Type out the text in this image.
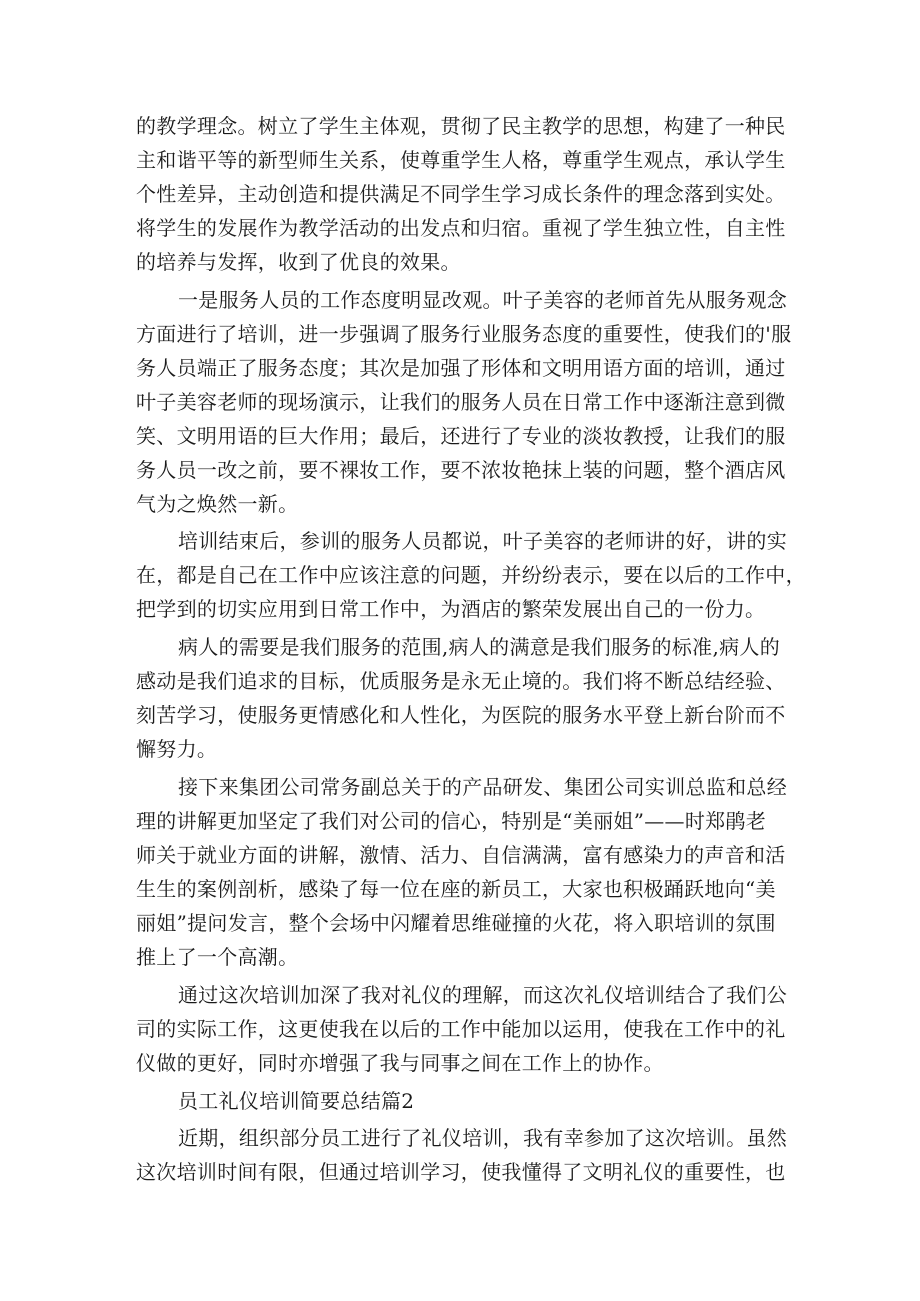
的教学理念。树立了学生主体观，贯彻了民主教学的思想，构建了一种民
主和谐平等的新型师生关系，使尊重学生人格，尊重学生观点，承认学生
个性差异，主动创造和提供满足不同学生学习成长条件的理念落到实处。
将学生的发展作为教学活动的出发点和归宿。重视了学生独立性，自主性
的培养与发挥，收到了优良的效果。
一是服务人员的工作态度明显改观。叶子美容的老师首先从服务观念
方面进行了培训，进一步强调了服务行业服务态度的重要性，使我们的'服
务人员端正了服务态度；其次是加强了形体和文明用语方面的培训，通过
叶子美容老师的现场演示，让我们的服务人员在日常工作中逐渐注意到微
笑、文明用语的巨大作用；最后，还进行了专业的淡妆教授，让我们的服
务人员一改之前，要不裸妆工作，要不浓妆艳抹上装的问题，整个酒店风
气为之焕然一新。
培训结束后，参训的服务人员都说，叶子美容的老师讲的好，讲的实
在，都是自己在工作中应该注意的问题，并纷纷表示，要在以后的工作中，
把学到的切实应用到日常工作中，为酒店的繁荣发展出自己的一份力。
病人的需要是我们服务的范围,病人的满意是我们服务的标准,病人的
感动是我们追求的目标，优质服务是永无止境的。我们将不断总结经验、
刻苦学习，使服务更情感化和人性化，为医院的服务水平登上新台阶而不
懈努力。
接下来集团公司常务副总关于的产品研发、集团公司实训总监和总经
理的讲解更加坚定了我们对公司的信心，特别是“美丽姐”——时郑鹃老
师关于就业方面的讲解，激情、活力、自信满满，富有感染力的声音和活
生生的案例剖析，感染了每一位在座的新员工，大家也积极踊跃地向“美
丽姐”提问发言，整个会场中闪耀着思维碰撞的火花，将入职培训的氛围
推上了一个高潮。
通过这次培训加深了我对礼仪的理解，而这次礼仪培训结合了我们公
司的实际工作，这更使我在以后的工作中能加以运用，使我在工作中的礼
仪做的更好，同时亦增强了我与同事之间在工作上的协作。
员工礼仪培训简要总结篇2
近期，组织部分员工进行了礼仪培训，我有幸参加了这次培训。虽然
这次培训时间有限，但通过培训学习，使我懂得了文明礼仪的重要性，也
